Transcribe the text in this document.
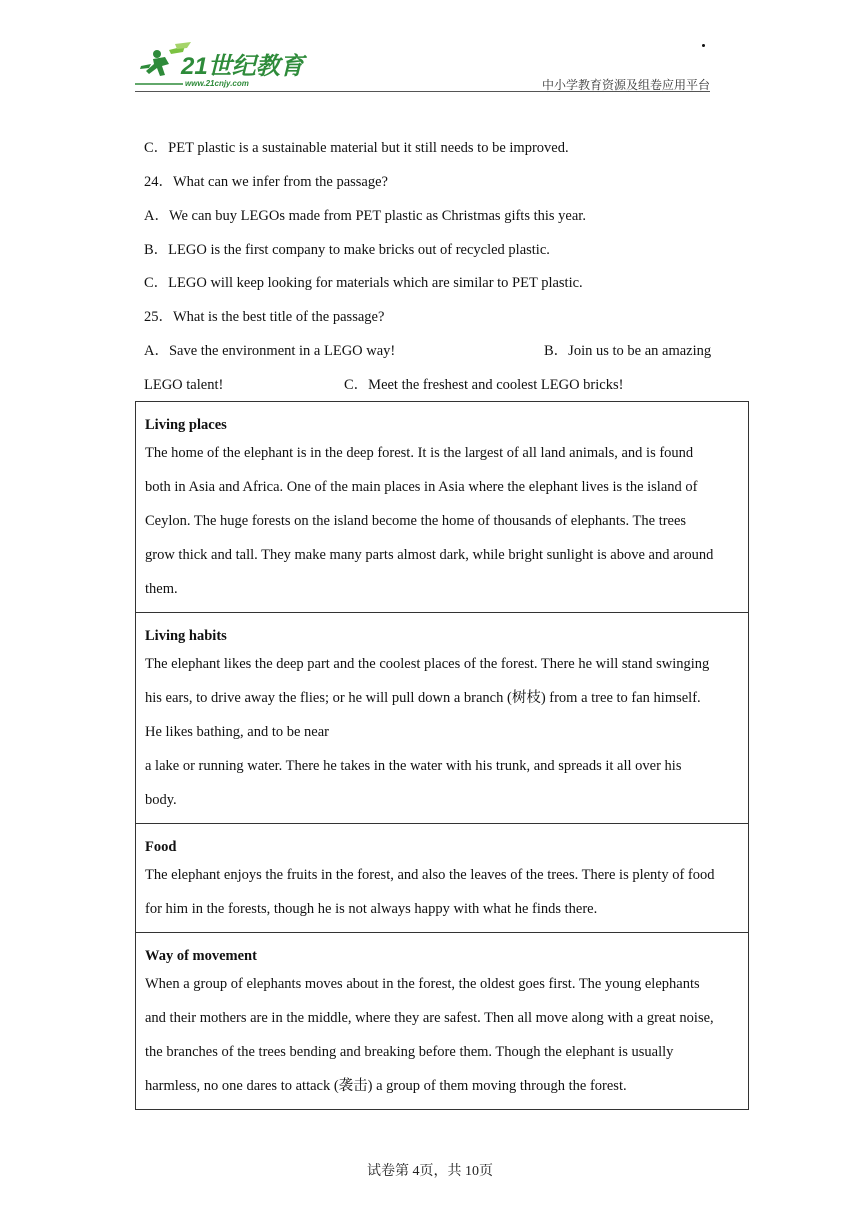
21世纪教育
www.21cnjy.com	中小学教育资源及组卷应用平台
C．PET plastic is a sustainable material but it still needs to be improved.
24．What can we infer from the passage?
A．We can buy LEGOs made from PET plastic as Christmas gifts this year.
B．LEGO is the first company to make bricks out of recycled plastic.
C．LEGO will keep looking for materials which are similar to PET plastic.
25．What is the best title of the passage?
A．Save the environment in a LEGO way!	B．Join us to be an amazing
LEGO talent!	C．Meet the freshest and coolest LEGO bricks!
Living places

The home of the elephant is in the deep forest. It is the largest of all land animals, and is found

both in Asia and Africa. One of the main places in Asia where the elephant lives is the island of

Ceylon. The huge forests on the island become the home of thousands of elephants. The trees

grow thick and tall. They make many parts almost dark, while bright sunlight is above and around

them.

Living habits

The elephant likes the deep part and the coolest places of the forest. There he will stand swinging

his ears, to drive away the flies; or he will pull down a branch (树枝) from a tree to fan himself.

He likes bathing, and to be near

a lake or running water. There he takes in the water with his trunk, and spreads it all over his

body.

Food

The elephant enjoys the fruits in the forest, and also the leaves of the trees. There is plenty of food

for him in the forests, though he is not always happy with what he finds there.

Way of movement

When a group of elephants moves about in the forest, the oldest goes first. The young elephants

and their mothers are in the middle, where they are safest. Then all move along with a great noise,

the branches of the trees bending and breaking before them. Though the elephant is usually

harmless, no one dares to attack (袭击) a group of them moving through the forest.

试卷第 4页，共 10页
